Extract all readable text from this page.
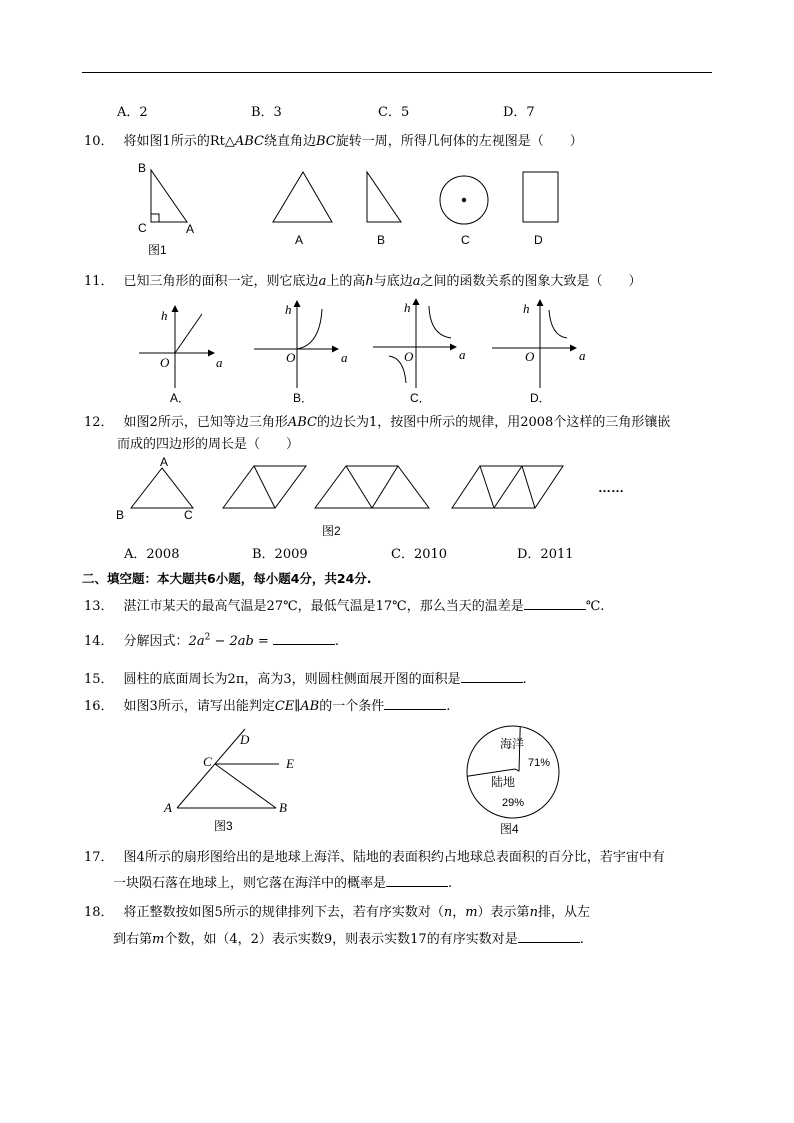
A．2	B．3	C．5	D．7
10． 将如图1所示的Rt△ABC绕直角边BC旋转一周，所得几何体的左视图是（　　）
B
C	A
图1
A	B	C	D
11． 已知三角形的面积一定，则它底边a上的高h与底边a之间的函数关系的图象大致是（　　）
h
a
O
A．
h
a
O
B．
h
a
O
C．
h
a
O
D．
12． 如图2所示，已知等边三角形ABC的边长为1，按图中所示的规律，用2008个这样的三角形镶嵌
而成的四边形的周长是（　　）
A
B	C
……
图2
A．2008	B．2009	C．2010	D．2011
二、填空题：本大题共6小题，每小题4分，共24分.
13． 湛江市某天的最高气温是27℃，最低气温是17℃，那么当天的温差是	℃.
14． 分解因式：$2a^2 - 2ab$ =	.
15． 圆柱的底面周长为2π，高为3，则圆柱侧面展开图的面积是	.
16． 如图3所示，请写出能判定CE∥AB的一个条件	.
A	B
C
D
E
图3
海洋
71%
陆地
29%
图4
17． 图4所示的扇形图给出的是地球上海洋、陆地的表面积约占地球总表面积的百分比，若宇宙中有
一块陨石落在地球上，则它落在海洋中的概率是	.
18． 将正整数按如图5所示的规律排列下去，若有序实数对（n，m）表示第n排，从左
到右第m个数，如（4，2）表示实数9，则表示实数17的有序实数对是	.
